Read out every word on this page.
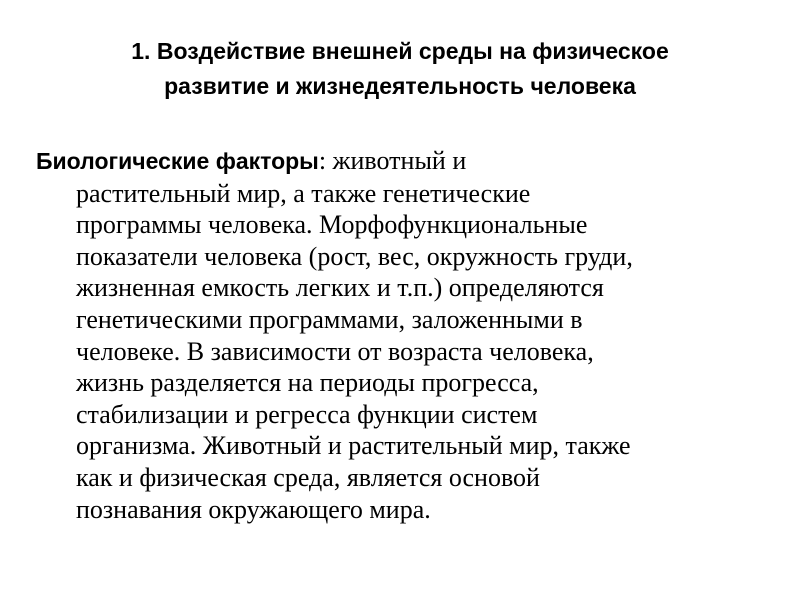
1. Воздействие внешней среды на физическое
развитие и жизнедеятельность человека

Биологические факторы: животный и
растительный мир, а также генетические
программы человека. Морфофункциональные
показатели человека (рост, вес, окружность груди,
жизненная емкость легких и т.п.) определяются
генетическими программами, заложенными в
человеке. В зависимости от возраста человека,
жизнь разделяется на периоды прогресса,
стабилизации и регресса функции систем
организма. Животный и растительный мир, также
как и физическая среда, является основой
познавания окружающего мира.
